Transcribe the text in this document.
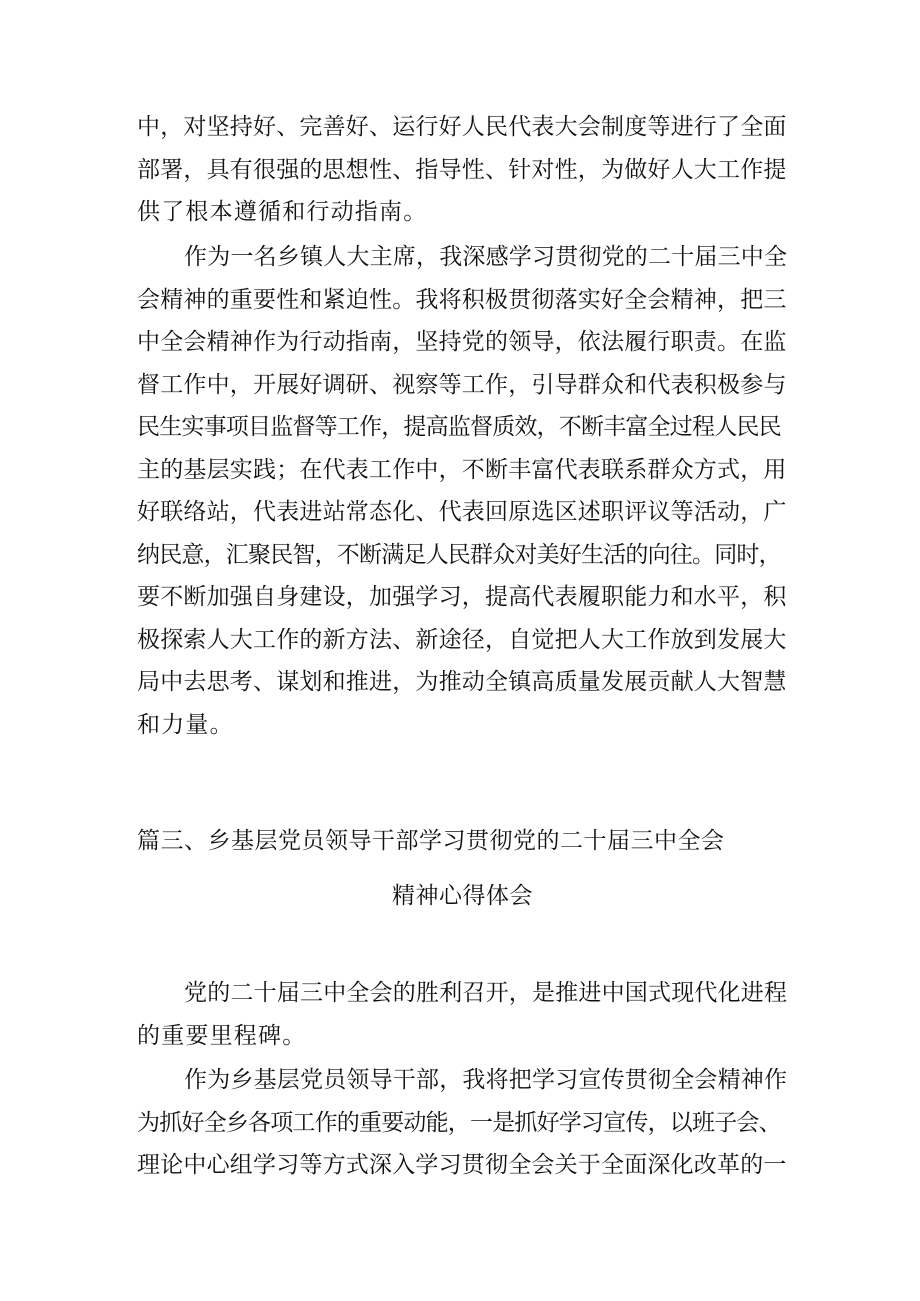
中，对坚持好、完善好、运行好人民代表大会制度等进行了全面
部署，具有很强的思想性、指导性、针对性，为做好人大工作提
供了根本遵循和行动指南。
作为一名乡镇人大主席，我深感学习贯彻党的二十届三中全
会精神的重要性和紧迫性。我将积极贯彻落实好全会精神，把三
中全会精神作为行动指南，坚持党的领导，依法履行职责。在监
督工作中，开展好调研、视察等工作，引导群众和代表积极参与
民生实事项目监督等工作，提高监督质效，不断丰富全过程人民民
主的基层实践；在代表工作中，不断丰富代表联系群众方式，用
好联络站，代表进站常态化、代表回原选区述职评议等活动，广
纳民意，汇聚民智，不断满足人民群众对美好生活的向往。同时，
要不断加强自身建设，加强学习，提高代表履职能力和水平，积
极探索人大工作的新方法、新途径，自觉把人大工作放到发展大
局中去思考、谋划和推进，为推动全镇高质量发展贡献人大智慧
和力量。
篇三、乡基层党员领导干部学习贯彻党的二十届三中全会
精神心得体会
党的二十届三中全会的胜利召开，是推进中国式现代化进程
的重要里程碑。
作为乡基层党员领导干部，我将把学习宣传贯彻全会精神作
为抓好全乡各项工作的重要动能，一是抓好学习宣传，以班子会、
理论中心组学习等方式深入学习贯彻全会关于全面深化改革的一
